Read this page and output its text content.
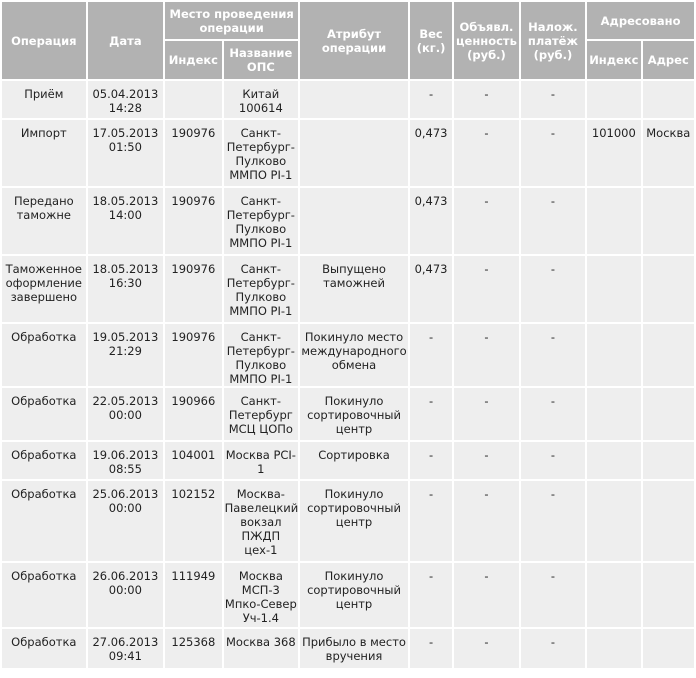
Операция	Дата	Место проведения операции		Атрибут операции	Вес (кг.)	Объявл. ценность (руб.)	Налож. платёж (руб.)	Адресовано	
		Индекс	Название ОПС					Индекс	Адрес
Приём	05.04.2013 14:28		Китай 100614		-	-	-		
Импорт	17.05.2013 01:50	190976	Санкт-Петербург-Пулково ММПО PI-1		0,473	-	-	101000	Москва
Передано таможне	18.05.2013 14:00	190976	Санкт-Петербург-Пулково ММПО PI-1		0,473	-	-		
Таможенное оформление завершено	18.05.2013 16:30	190976	Санкт-Петербург-Пулково ММПО PI-1	Выпущено таможней	0,473	-	-		
Обработка	19.05.2013 21:29	190976	Санкт-Петербург-Пулково ММПО PI-1	Покинуло место международного обмена	-	-	-		
Обработка	22.05.2013 00:00	190966	Санкт-Петербург МСЦ ЦОПо	Покинуло сортировочный центр	-	-	-		
Обработка	19.06.2013 08:55	104001	Москва PCI-1	Сортировка	-	-	-		
Обработка	25.06.2013 00:00	102152	Москва-Павелецкий вокзал ПЖДП цех-1	Покинуло сортировочный центр	-	-	-		
Обработка	26.06.2013 00:00	111949	Москва МСП-3 Мпко-Север Уч-1.4	Покинуло сортировочный центр	-	-	-		
Обработка	27.06.2013 09:41	125368	Москва 368	Прибыло в место вручения	-	-	-		
